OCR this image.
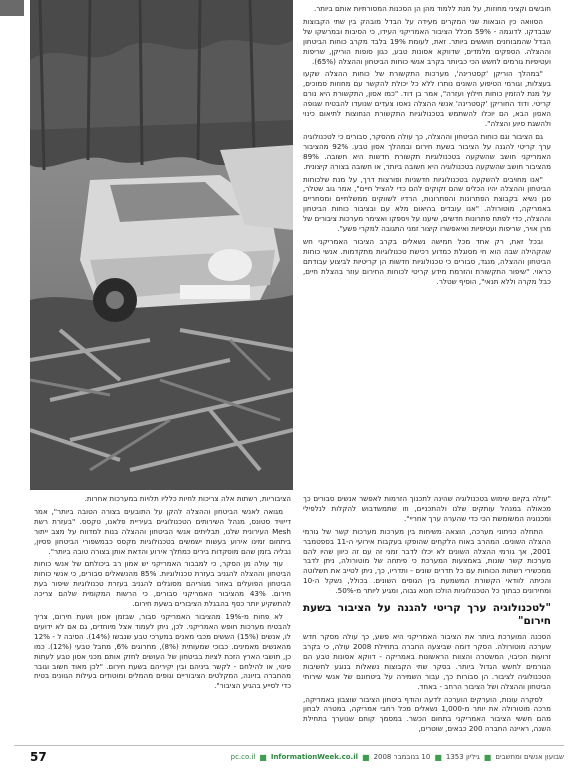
חובשים וקציני מחוזות, על מנת ללמוד מהן הן הסכנות המסורתיות אותם ביותר.

הסוואה כין הובאות שני המקרים מעידה על הבדל מובהק בין שתי הקבוצות שבבדקו. לדוגמה - 59% מכלל הציבור האמריקני העידו, כי הסיבות ובמרשקו של הבדל שהמבוחנים חוששים ביותר. זאת, לעומת 19% בלבד מקרב כוחות הביטחון וההצלה. הספקים מלמדים, שדווקא אסונות טבע, כגון סופות הוריקן, שריפות ועטיפיות גורמים לחשש הכי כביותר בקרב אנשי כוחות הביטחון וההצלה (65%).

"במהלך הוריקן 'קסטרינה', מערכות התקשורת של כוחות ההצלה שקעו בעצלות, וגורמי הטיפוע השונים נותרו ללא כל יכולת להקשר עם מחוזות סמוכים, על מנת להזמין כוחות חילוץ ועזרה", אמר בן דוד. "כמו אסון, התקשורת היא נורם קריטי. ודוד החוריקן 'קסטרינה' אנשי ההצלה נאסו צעדים שנועדו להבטיח שגופה האסון הבא, הם יוכלו להשתמש בטכנולוגיות התקשורת הנחוצות לתיאום כינוי ולהשגת סיוע והצלה".

גם הציבור וגם כוחות הביטחון וההצלה, כך עולה מהסקר, סבורים כי לטכנולוגיה ערך קריטי להגנה על הציבור בשעת חירום ובמהלך אסון טבע. 92% מהציבור האמריקני חושב שהשקעה בטכנולוגיות תקשורת חדשות היא חשובה. 89% מהציבור חושב שהשקעה בטכנולוגיה היא חשובה ביותר, או חשובה בצורה קיצונית.

"אנו מחויבים להשקעה בטכנולוגיות חדשניות ופורצות דרך, על מנת שלכוחות הביטחון וההצלה יהיו הכלים שהם זקוקים להם כדי להציל חיים", אמר גוב שטלר, סגן נשיא בקבוצת הפתרונות והפתרונות, הרדיו לשווקים ממשלתיים ומסחריים באמריקה, מוטורולה. "אנו עובדים בהיאום מלא עם ובציבור כוחות הביטחון וההצלה, כדי לפתח פתרונות חדשים, שיענו על ויספקו ואצימר מערכות ציבורים של מרן אויר, שריפות ועטיפיות ואיאפשרו קיצור זמני התגובה למקרי פשע".

ובכל זאת, רק אחד מכל חמישה נשאלים בקרב הציבור האמריקני חש שהקהילה שבה הוא חי מסוגלת כמדוע רכישת טכנולוגיות מתקדמות. אנשי כוחות הביטחון וההצלה, מנגד, סבורים כי טכנולוגיות חדשות הן קריטיות לביצוע עבודתם כראוי. "שיפור התקשורת והזרמת מידע קריטי לכוחות החירום עוזר בהצלת חיים, כבל מקרה וללא תנאי", הוסיף שטלר.

"עולה בקיום שימוש בטכנולוגיה שהינה לתכנוך הזרמות לאפשר אנשים סבורים כך מכאולה במנהל עותקים שלנו ולהתכניים, וזו שתמשדבוש להקלות לנלפילי ומכנוגיה המשומשת הכי כדי שהערה ערך אחריי".

התחלה כניתוני מערכה, הוצאה משיחות בין מערכות מערכות קשר של גורמי ההצלה השונים. המהרב באוח הלקחים שהופקו בעקבות אירועי ה-11 בספטמבר 2001, אך גורמי ההצלה השונים לא יכלו לדבר זמני זה עם זה כיוון שהיו להם מערכות קשר שונות, באמצעות המערכת כי פיתחה של מוטורולה, ניתן לדבר ממכשירי רשתות הכוחות עם כל תדרים שונים - ותדריו, כך, ניתן לטייב את תשלוטה והכיתה לוודאי הקשורת המשמעת בין הגופים השונים. בכולל, נשקל ה-10 ומחירונים כבתוך כל הטכנולוגיות הולכו חנוא גבוה, ומגיע ליותר מ-50%.

"לטכנולוגיה ערך קריטי להגנה על הציבור בשעת חירום"

הסכנה המוערכת ביותר את הציבור האמריקני היא פשע, כך עולה מסקר חדש שערכה מוטורולה. הסקר דומה שביצעה החברה בתחילת 2008 עולה, כי בקרב זרועות הכיבוי, המשטרה והצוות הראשונות באמריקה - דווקא אסונות טבע הם הגורמים לחשש הגדול ביותר. בסקר שתי הקבוצות נשאלות בנוגע לחשיבות הטכנולוגיה לציבור. הן סבורות כך, עבור השמירה על ביטחונם של אנשי שירותי הביטחון וההצלה ושל הציבור הרחב - באחד.

לסקרה עונות, הוערקים הוערכה לדעה והודף ביטחון הציבור שוצבון באמריקה, מרכה מוטורולה את יותר מ-1,000 נשאלים מכל רחבי אמריקה, במטרה לבחון מהם חששי הציבור האמריקני בתחום הכשר. במסמך קוחם שנוערך בתחילת השנה, ראיינה החברה 200 כבאים, שוטרים,

הציבוריות, רשתות אלה צריכות לחיות כלליו תלויות במערכות אחרות.

מגואה לאנשי הביטחון וההצלה להקן על התובעים בצורה הטובה ביותר", אמר דייוויד סטונס, מנהל השירותים הטכנולוגיים בעיריית פלאנו, טקסס. "בעזרת רשת Mesh העירונית שלנו, תבליתים אנשי הביטחון וההצלה בנות למדווח על מצב ייתור ביתחום זמינו אירוע בעשות ישמשים בטכנולוגיות מקסס כבמשפורי הביטחון פסיון, נבליה בזמן שהם מוסקדות בירים כמתלך אירוע והדאת אותן בצורה טובה ביותר".

עוד עולה מן הסקר, כי למבבור האמריקני יש אמון רב ביכולתם של אנשי כוחות הביטחון וההצלה להגניב בעזרת טכנולוגיות. 85% מהנשאלים סבורים, כי אנשי כוחות הביטחון הפועלים באזור מגוריהם מסוגלים להגניב בעזרת טכנולוגיות שיפור בעת חירום. 43% מהציבור האמריקני סבורים, כי הרשות המקומית שלהם צריכה להתשקיע יותר כסף בהבגלת הציבורים בשעת חירום.

לא פחות מ-19% מהציבור האמריקני סבור, שבזמן אסון ושעת חירום, צריך להבטיח מערכות חופש האמריקני. לכן, ניתן לעמוד אצל מיוחדים, גם אם לא ידועים לו, אנשים (15%) הששים מכבי מאנים במערכי טבע שנבשו (14%). הסיבה ל - 12% מהאנשים מאמינים. כבוכי שמעותית (8%), מחרוגים 6%, מחבל טבעי (12%). כמו כן, תושבי הארץ הזכת לציות בביטחון של העושים לחזק אותם מכני אסון טבע לעתות פינוי, או להילחם - לקשר ביניהם ובין יקיריהם בשעת חירום. "לכן מאוד חשוב וגובר מהחברה בזיונה, המקלטים הציבוריים וגופים מהמלים ומוטודים בעילות הגוונים בטיח כדי לסייע בהגיע הציבור".

שבועון אנשים ומחשבים
■
גיליון 1353
■
10 בנובמבר 2008
■
InformationWeek.co.il
■
pc.co.il
57
